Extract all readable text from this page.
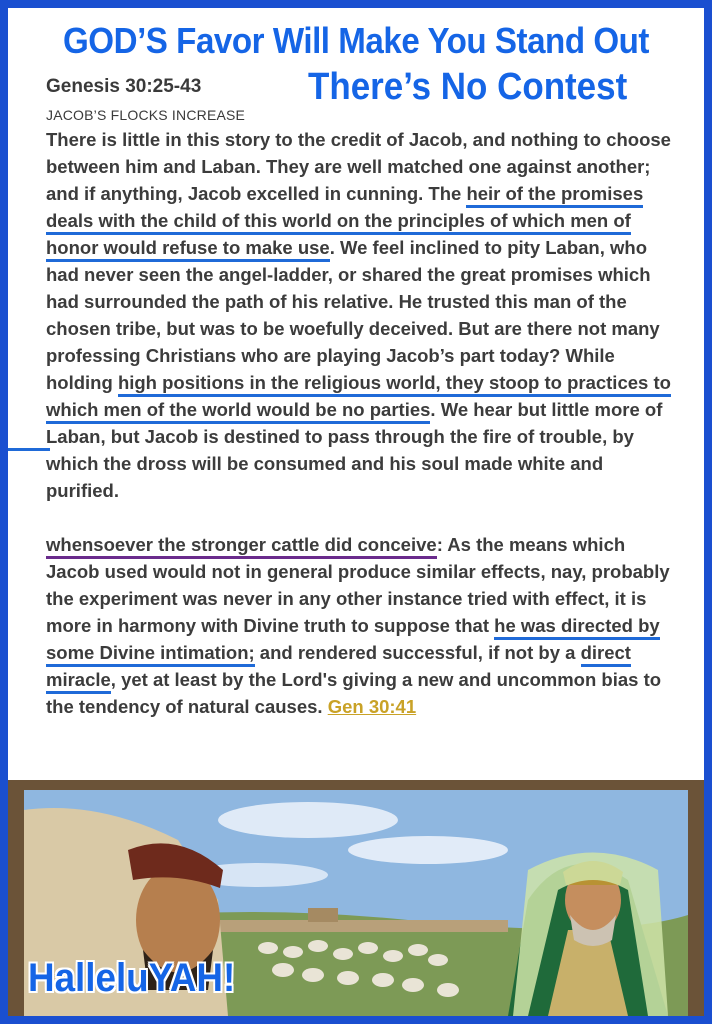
GOD’S Favor Will Make You Stand Out
Genesis 30:25-43	There’s No Contest
JACOB’S FLOCKS INCREASE
There is little in this story to the credit of Jacob, and nothing to choose between him and Laban. They are well matched one against another; and if anything, Jacob excelled in cunning. The heir of the promises deals with the child of this world on the principles of which men of honor would refuse to make use. We feel inclined to pity Laban, who had never seen the angel-ladder, or shared the great promises which had surrounded the path of his relative. He trusted this man of the chosen tribe, but was to be woefully deceived. But are there not many professing Christians who are playing Jacob’s part today? While holding high positions in the religious world, they stoop to practices to which men of the world would be no parties. We hear but little more of Laban, but Jacob is destined to pass through the fire of trouble, by which the dross will be consumed and his soul made white and purified.
whensoever the stronger cattle did conceive: As the means which Jacob used would not in general produce similar effects, nay, probably the experiment was never in any other instance tried with effect, it is more in harmony with Divine truth to suppose that he was directed by some Divine intimation; and rendered successful, if not by a direct miracle, yet at least by the Lord's giving a new and uncommon bias to the tendency of natural causes. Gen 30:41
HalleluYAH!
